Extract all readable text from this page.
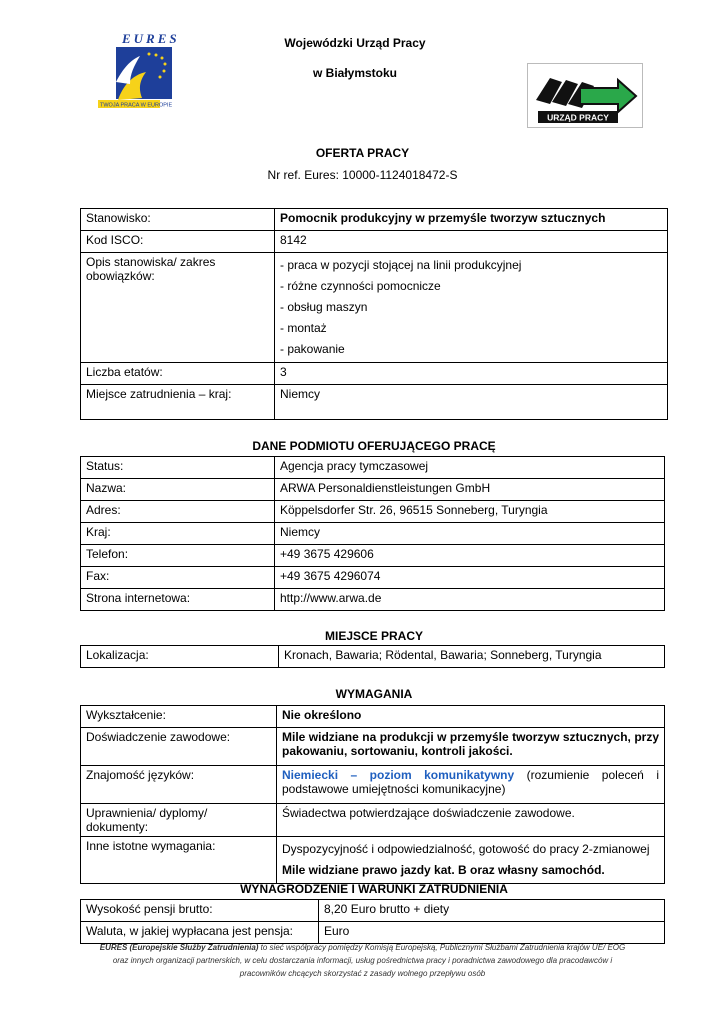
EURES
TWOJA PRACA W EUROPIE
Wojewódzki Urząd Pracy
w Białymstoku
URZĄD PRACY
OFERTA PRACY
Nr ref. Eures: 10000-1124018472-S
Stanowisko:	Pomocnik produkcyjny w przemyśle tworzyw sztucznych
Kod ISCO:	8142
Opis stanowiska/ zakres obowiązków:	- praca w pozycji stojącej na linii produkcyjnej
- różne czynności pomocnicze
- obsług maszyn
- montaż
- pakowanie

Liczba etatów:	3
Miejsce zatrudnienia – kraj:	Niemcy
DANE PODMIOTU OFERUJĄCEGO PRACĘ
Status:	Agencja pracy tymczasowej
Nazwa:	ARWA Personaldienstleistungen GmbH
Adres:	Köppelsdorfer Str. 26, 96515 Sonneberg, Turyngia
Kraj:	Niemcy
Telefon:	+49 3675 429606
Fax:	+49 3675 4296074
Strona internetowa:	http://www.arwa.de
MIEJSCE PRACY
Lokalizacja:	Kronach, Bawaria; Rödental, Bawaria; Sonneberg, Turyngia
WYMAGANIA
Wykształcenie:	Nie określono
Doświadczenie zawodowe:	Mile widziane na produkcji w przemyśle tworzyw sztucznych, przy pakowaniu, sortowaniu, kontroli jakości.
Znajomość języków:	Niemiecki – poziom komunikatywny (rozumienie poleceń i podstawowe umiejętności komunikacyjne)
Uprawnienia/ dyplomy/ dokumenty:	Świadectwa potwierdzające doświadczenie zawodowe.
Inne istotne wymagania:	Dyspozycyjność i odpowiedzialność, gotowość do pracy 2-zmianowej
Mile widziane prawo jazdy kat. B oraz własny samochód.
WYNAGRODZENIE I WARUNKI ZATRUDNIENIA
Wysokość pensji brutto:	8,20 Euro brutto + diety
Waluta, w jakiej wypłacana jest pensja:	Euro
EURES (Europejskie Służby Zatrudnienia) to sieć współpracy pomiędzy Komisją Europejską, Publicznymi Służbami Zatrudnienia krajów UE/ EOG
oraz innych organizacji partnerskich, w celu dostarczania informacji, usług pośrednictwa pracy i poradnictwa zawodowego dla pracodawców i
pracowników chcących skorzystać z zasady wolnego przepływu osób
